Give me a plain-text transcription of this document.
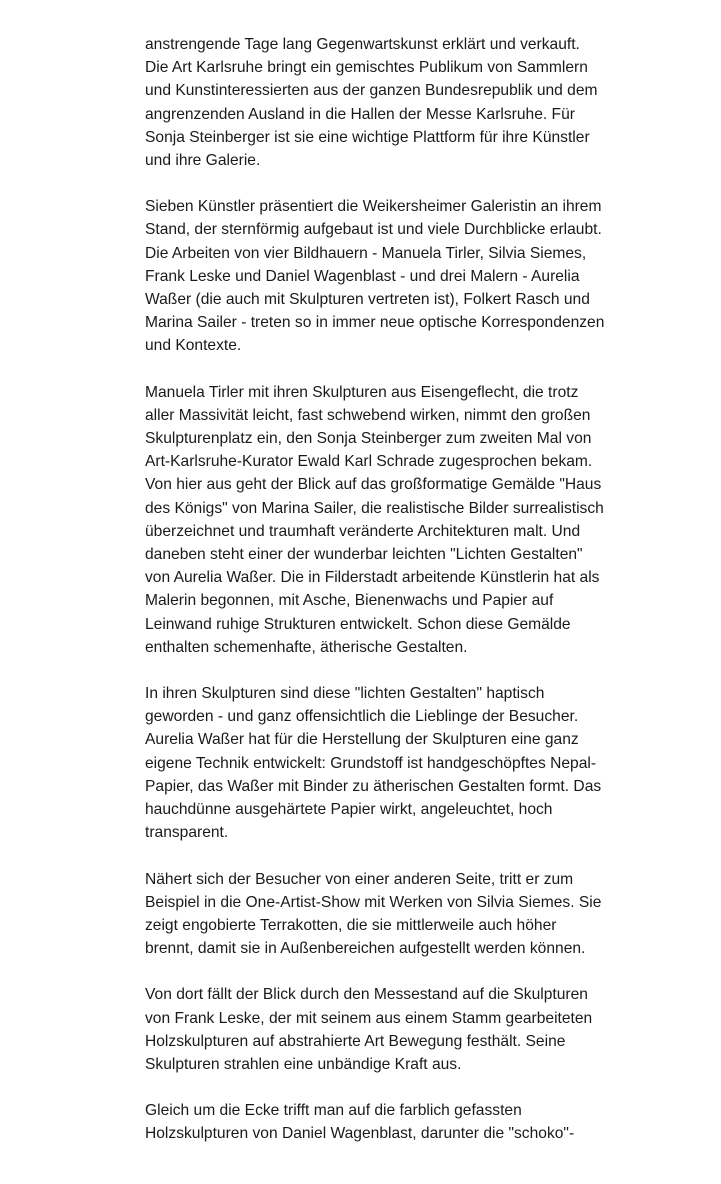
anstrengende Tage lang Gegenwartskunst erklärt und verkauft.
Die Art Karlsruhe bringt ein gemischtes Publikum von Sammlern
und Kunstinteressierten aus der ganzen Bundesrepublik und dem
angrenzenden Ausland in die Hallen der Messe Karlsruhe. Für
Sonja Steinberger ist sie eine wichtige Plattform für ihre Künstler
und ihre Galerie.

Sieben Künstler präsentiert die Weikersheimer Galeristin an ihrem
Stand, der sternförmig aufgebaut ist und viele Durchblicke erlaubt.
Die Arbeiten von vier Bildhauern - Manuela Tirler, Silvia Siemes,
Frank Leske und Daniel Wagenblast - und drei Malern - Aurelia
Waßer (die auch mit Skulpturen vertreten ist), Folkert Rasch und
Marina Sailer - treten so in immer neue optische Korrespondenzen
und Kontexte.

Manuela Tirler mit ihren Skulpturen aus Eisengeflecht, die trotz
aller Massivität leicht, fast schwebend wirken, nimmt den großen
Skulpturenplatz ein, den Sonja Steinberger zum zweiten Mal von
Art-Karlsruhe-Kurator Ewald Karl Schrade zugesprochen bekam.
Von hier aus geht der Blick auf das großformatige Gemälde "Haus
des Königs" von Marina Sailer, die realistische Bilder surrealistisch
überzeichnet und traumhaft veränderte Architekturen malt. Und
daneben steht einer der wunderbar leichten "Lichten Gestalten"
von Aurelia Waßer. Die in Filderstadt arbeitende Künstlerin hat als
Malerin begonnen, mit Asche, Bienenwachs und Papier auf
Leinwand ruhige Strukturen entwickelt. Schon diese Gemälde
enthalten schemenhafte, ätherische Gestalten.

In ihren Skulpturen sind diese "lichten Gestalten" haptisch
geworden - und ganz offensichtlich die Lieblinge der Besucher.
Aurelia Waßer hat für die Herstellung der Skulpturen eine ganz
eigene Technik entwickelt: Grundstoff ist handgeschöpftes Nepal-
Papier, das Waßer mit Binder zu ätherischen Gestalten formt. Das
hauchdünne ausgehärtete Papier wirkt, angeleuchtet, hoch
transparent.

Nähert sich der Besucher von einer anderen Seite, tritt er zum
Beispiel in die One-Artist-Show mit Werken von Silvia Siemes. Sie
zeigt engobierte Terrakotten, die sie mittlerweile auch höher
brennt, damit sie in Außenbereichen aufgestellt werden können.

Von dort fällt der Blick durch den Messestand auf die Skulpturen
von Frank Leske, der mit seinem aus einem Stamm gearbeiteten
Holzskulpturen auf abstrahierte Art Bewegung festhält. Seine
Skulpturen strahlen eine unbändige Kraft aus.

Gleich um die Ecke trifft man auf die farblich gefassten
Holzskulpturen von Daniel Wagenblast, darunter die "schoko"-
